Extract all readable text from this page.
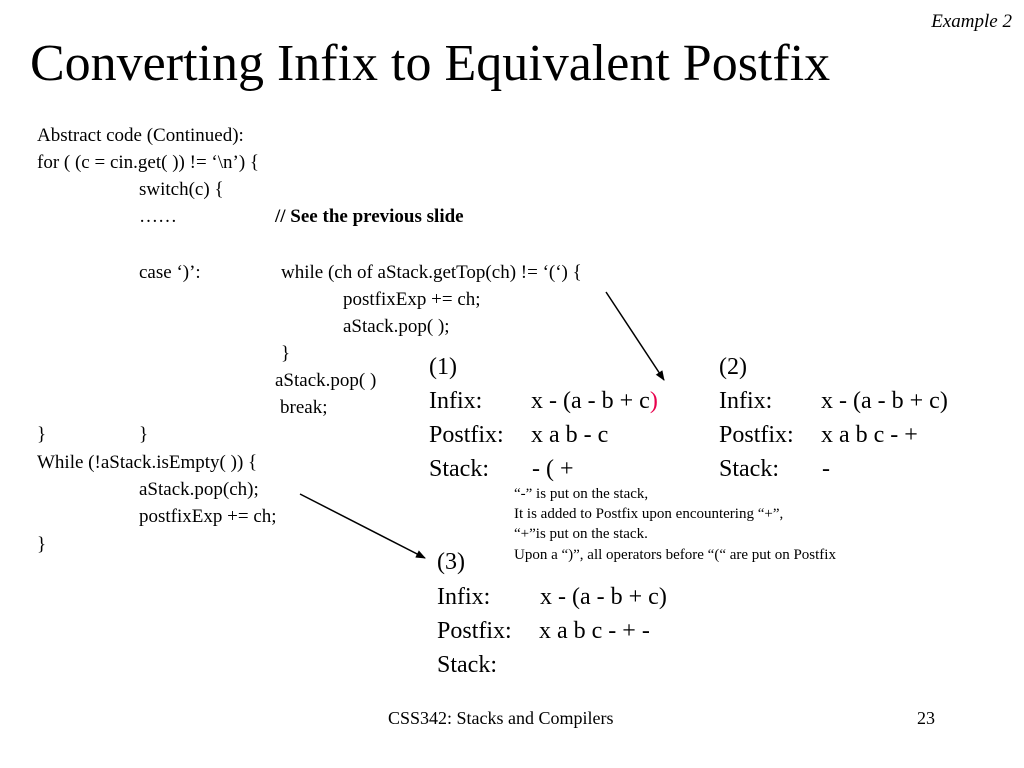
Example 2
Converting Infix to Equivalent Postfix
Abstract code (Continued):
for ( (c = cin.get( )) != ‘\n’) {
switch(c) {
……	// See the previous slide
case ‘)’:	while (ch of aStack.getTop(ch) != ‘(‘) {
postfixExp += ch;
aStack.pop( );
}
aStack.pop( )
break;
}	}
While (!aStack.isEmpty( )) {
aStack.pop(ch);
postfixExp += ch;
}
(1)
Infix: x - (a - b + c)
Postfix: x a b - c
Stack: - ( +
(2)
Infix: x - (a - b + c)
Postfix: x a b c - +
Stack: -
“-” is put on the stack,
It is added to Postfix upon encountering “+”,
“+”is put on the stack.
Upon a “)”, all operators before “(“ are put on Postfix
(3)
Infix: x - (a - b + c)
Postfix: x a b c - + -
Stack:
CSS342: Stacks and Compilers	23
